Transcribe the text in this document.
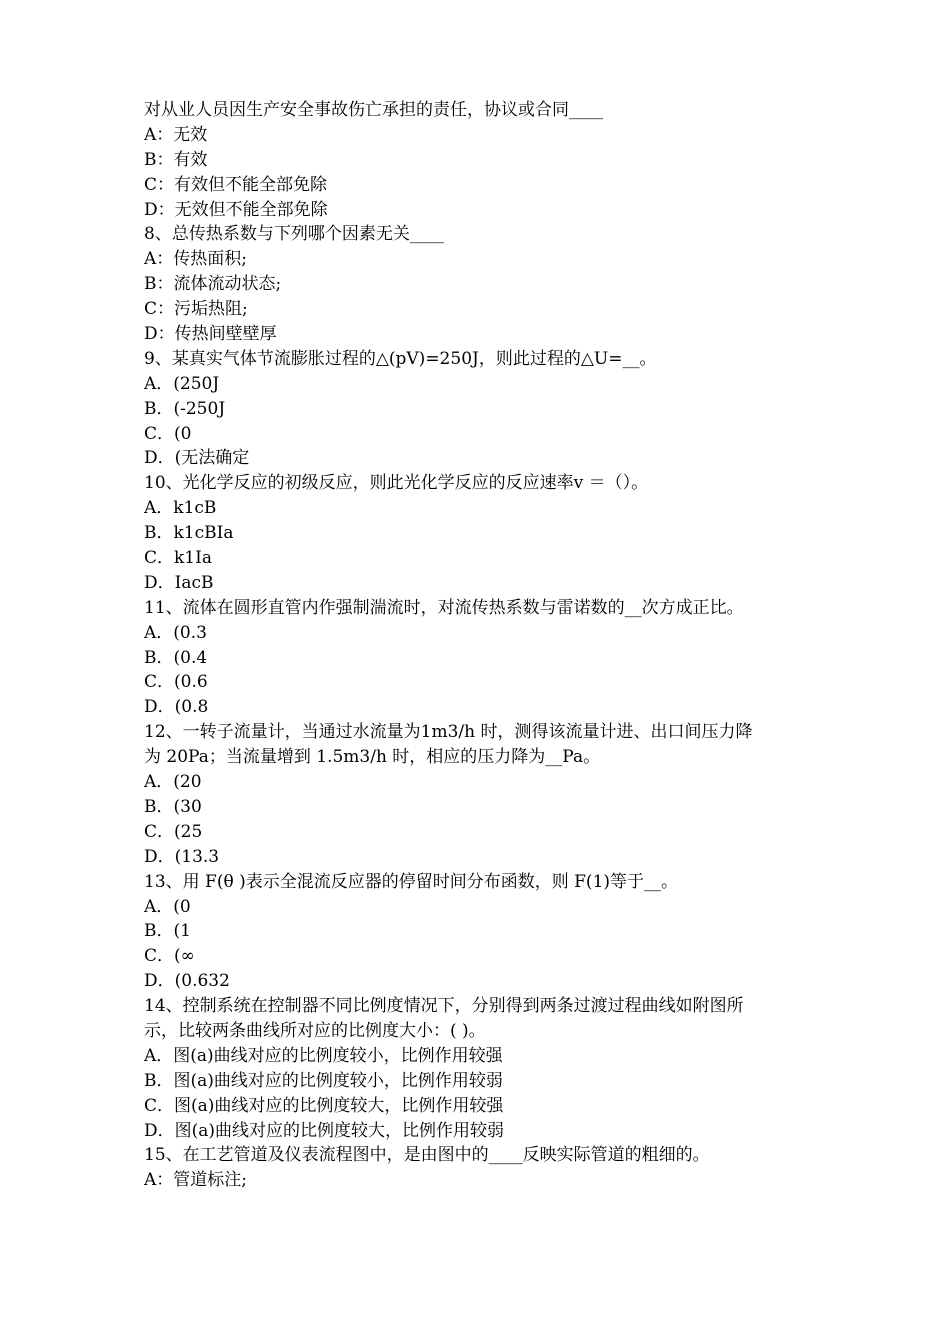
对从业人员因生产安全事故伤亡承担的责任，协议或合同____
A：无效
B：有效
C：有效但不能全部免除
D：无效但不能全部免除
8、总传热系数与下列哪个因素无关____
A：传热面积;
B：流体流动状态;
C：污垢热阻;
D：传热间壁壁厚
9、某真实气体节流膨胀过程的△(pV)=250J，则此过程的△U=__。
A．(250J
B．(-250J
C．(0
D．(无法确定
10、光化学反应的初级反应，则此光化学反应的反应速率v ＝（）。
A．k1cB
B．k1cBIa
C．k1Ia
D．IacB
11、流体在圆形直管内作强制湍流时，对流传热系数与雷诺数的__次方成正比。
A．(0.3
B．(0.4
C．(0.6
D．(0.8
12、一转子流量计，当通过水流量为1m3/h 时，测得该流量计进、出口间压力降
为 20Pa；当流量增到 1.5m3/h 时，相应的压力降为__Pa。
A．(20
B．(30
C．(25
D．(13.3
13、用 F(θ )表示全混流反应器的停留时间分布函数，则 F(1)等于__。
A．(0
B．(1
C．(∞
D．(0.632
14、控制系统在控制器不同比例度情况下，分别得到两条过渡过程曲线如附图所
示，比较两条曲线所对应的比例度大小：( )。
A．图(a)曲线对应的比例度较小，比例作用较强
B．图(a)曲线对应的比例度较小，比例作用较弱
C．图(a)曲线对应的比例度较大，比例作用较强
D．图(a)曲线对应的比例度较大，比例作用较弱
15、在工艺管道及仪表流程图中，是由图中的____反映实际管道的粗细的。
A：管道标注;
